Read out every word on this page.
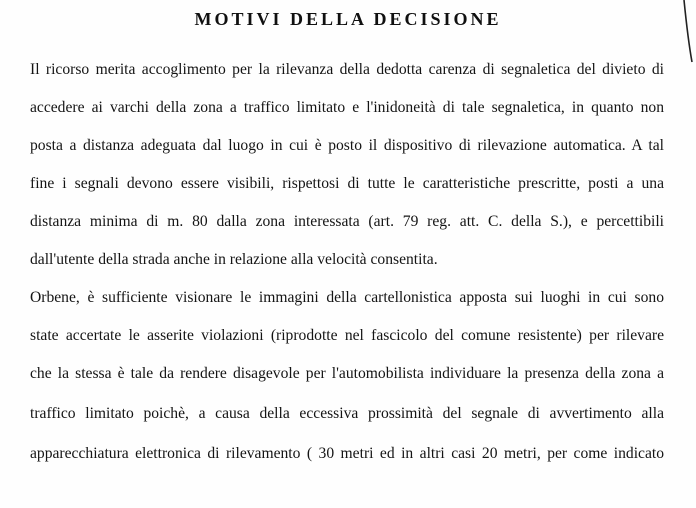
MOTIVI DELLA DECISIONE
Il ricorso merita accoglimento per la rilevanza della dedotta carenza di segnaletica del divieto di
accedere ai varchi della zona a traffico limitato e l'inidoneità di tale segnaletica, in quanto non
posta a distanza adeguata dal luogo in cui è posto il dispositivo di rilevazione automatica. A tal
fine i segnali devono essere visibili, rispettosi di tutte le caratteristiche prescritte, posti a una
distanza minima di m. 80 dalla zona interessata (art. 79 reg. att. C. della S.), e percettibili
dall'utente della strada anche in relazione alla velocità consentita.
Orbene, è sufficiente visionare le immagini della cartellonistica apposta sui luoghi in cui sono
state accertate le asserite violazioni (riprodotte nel fascicolo del comune resistente) per rilevare
che la stessa è tale da rendere disagevole per l'automobilista individuare la presenza della zona a
traffico limitato poichè, a causa della eccessiva prossimità del segnale di avvertimento alla
apparecchiatura elettronica di rilevamento ( 30 metri ed in altri casi 20 metri, per come indicato
